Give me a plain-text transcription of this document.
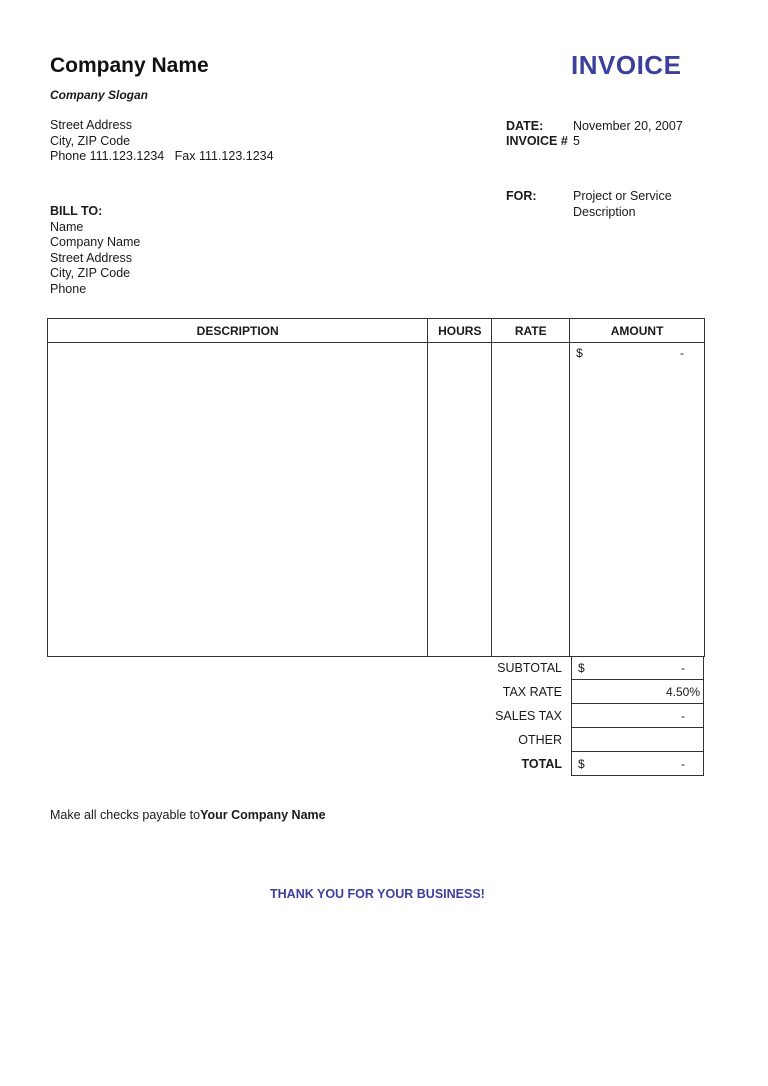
Company Name
Company Slogan
Street Address
City, ZIP Code
Phone 111.123.1234   Fax 111.123.1234
INVOICE
DATE: November 20, 2007
INVOICE # 5
FOR:	Project or Service
Description
BILL TO:
Name
Company Name
Street Address
City, ZIP Code
Phone
DESCRIPTION	HOURS	RATE	AMOUNT

			$ -
SUBTOTAL	$	-
TAX RATE	4.50%
SALES TAX	-
OTHER
TOTAL	$	-
Make all checks payable toYour Company Name
THANK YOU FOR YOUR BUSINESS!
